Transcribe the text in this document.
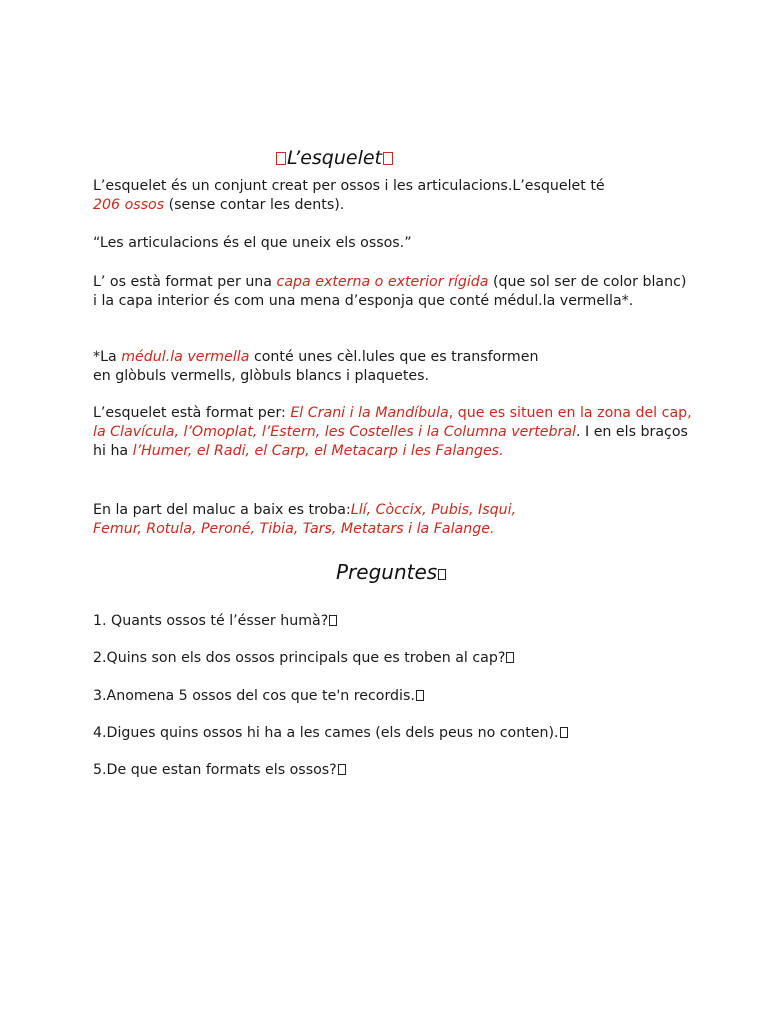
L’esquelet

L’esquelet és un conjunt creat per ossos i les articulacions.L’esquelet té
206 ossos (sense contar les dents).

“Les articulacions és el que uneix els ossos.”

L’ os està format per una capa externa o exterior rígida (que sol ser de color blanc) i la capa interior és com una mena d’esponja que conté médul.la vermella*.

*La médul.la vermella conté unes cèl.lules que es transformen
en glòbuls vermells, glòbuls blancs i plaquetes.

L’esquelet està format per: El Crani i la Mandíbula, que es situen en la zona del cap, la Clavícula, l’Omoplat, l’Estern, les Costelles i la Columna vertebral. I en els braços hi ha l’Humer, el Radi, el Carp, el Metacarp i les Falanges.

En la part del maluc a baix es troba:Llí, Còccix, Pubis, Isqui,
Femur, Rotula, Peroné, Tibia, Tars, Metatars i la Falange.

Preguntes

1. Quants ossos té l’ésser humà?

2.Quins son els dos ossos principals que es troben al cap?

3.Anomena 5 ossos del cos que te'n recordis.

4.Digues quins ossos hi ha a les cames (els dels peus no conten).

5.De que estan formats els ossos?
